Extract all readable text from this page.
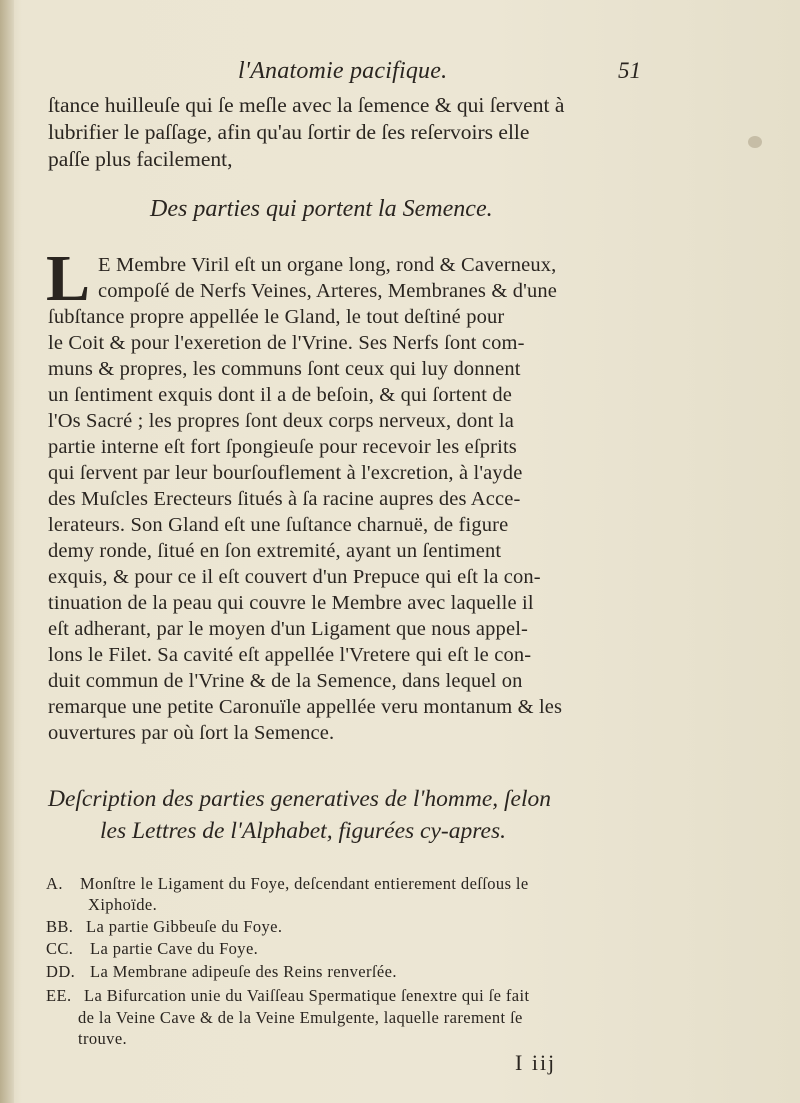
l'Anatomie pacifique.	51
ſtance huilleuſe qui ſe meſle avec la ſemence & qui ſervent à
lubrifier le paſſage, afin qu'au ſortir de ſes reſervoirs elle
paſſe plus facilement,
Des parties qui portent la Semence.
L E Membre Viril eſt un organe long, rond & Caverneux,
compoſé de Nerfs Veines, Arteres, Membranes & d'une
ſubſtance propre appellée le Gland, le tout deſtiné pour
le Coit & pour l'exeretion de l'Vrine. Ses Nerfs ſont com-
muns & propres, les communs ſont ceux qui luy donnent
un ſentiment exquis dont il a de beſoin, & qui ſortent de
l'Os Sacré ; les propres ſont deux corps nerveux, dont la
partie interne eſt fort ſpongieuſe pour recevoir les eſprits
qui ſervent par leur bourſouflement à l'excretion, à l'ayde
des Muſcles Erecteurs ſitués à ſa racine aupres des Acce-
lerateurs. Son Gland eſt une ſuſtance charnuë, de figure
demy ronde, ſitué en ſon extremité, ayant un ſentiment
exquis, & pour ce il eſt couvert d'un Prepuce qui eſt la con-
tinuation de la peau qui couvre le Membre avec laquelle il
eſt adherant, par le moyen d'un Ligament que nous appel-
lons le Filet. Sa cavité eſt appellée l'Vretere qui eſt le con-
duit commun de l'Vrine & de la Semence, dans lequel on
remarque une petite Caronuïle appellée veru montanum & les
ouvertures par où ſort la Semence.
Deſcription des parties generatives de l'homme, ſelon
les Lettres de l'Alphabet, figurées cy-apres.
A. Monſtre le Ligament du Foye, deſcendant entierement deſſous le
Xiphoïde.
BB. La partie Gibbeuſe du Foye.
CC. La partie Cave du Foye.
DD. La Membrane adipeuſe des Reins renverſée.
EE. La Bifurcation unie du Vaiſſeau Spermatique ſenextre qui ſe fait
de la Veine Cave & de la Veine Emulgente, laquelle rarement ſe
trouve.
I iij
